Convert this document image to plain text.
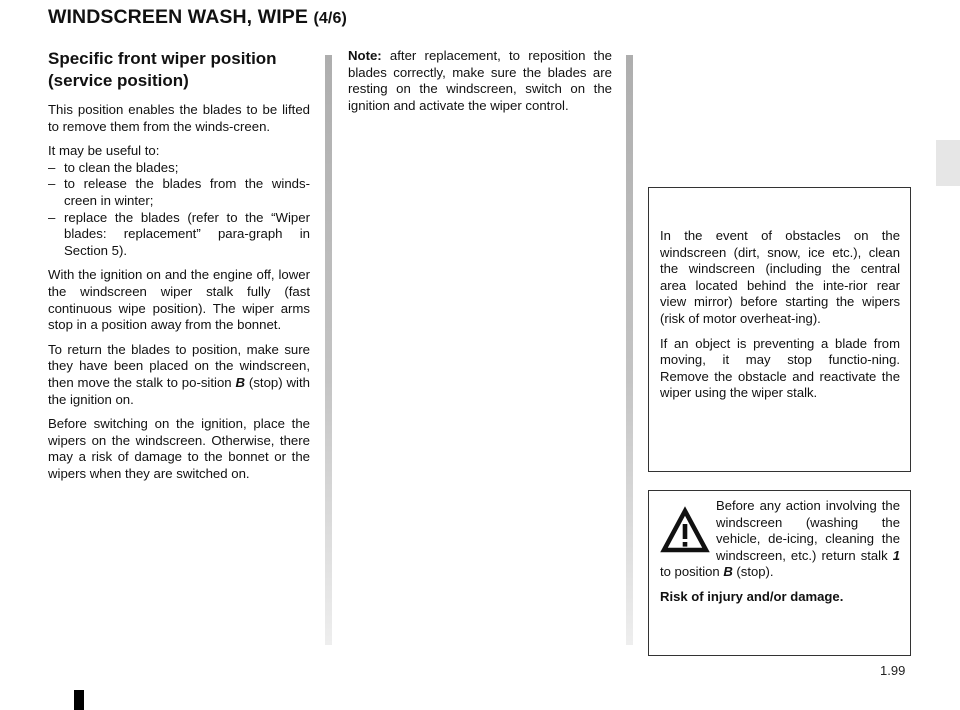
WINDSCREEN WASH, WIPE (4/6)
Specific front wiper position (service position)

This position enables the blades to be lifted to remove them from the winds-creen.

It may be useful to:

– to clean the blades;
– to release the blades from the winds-creen in winter;
– replace the blades (refer to the “Wiper blades: replacement” para-graph in Section 5).

With the ignition on and the engine off, lower the windscreen wiper stalk fully (fast continuous wipe position). The wiper arms stop in a position away from the bonnet.

To return the blades to position, make sure they have been placed on the windscreen, then move the stalk to po-sition B (stop) with the ignition on.

Before switching on the ignition, place the wipers on the windscreen. Otherwise, there may a risk of damage to the bonnet or the wipers when they are switched on.

Note: after replacement, to reposition the blades correctly, make sure the blades are resting on the windscreen, switch on the ignition and activate the wiper control.

In the event of obstacles on the windscreen (dirt, snow, ice etc.), clean the windscreen (including the central area located behind the inte-rior rear view mirror) before starting the wipers (risk of motor overheat-ing).

If an object is preventing a blade from moving, it may stop functio-ning. Remove the obstacle and reactivate the wiper using the wiper stalk.

Before any action involving the windscreen (washing the vehicle, de-icing, cleaning the windscreen, etc.) return stalk 1 to position B (stop).

Risk of injury and/or damage.

1.99
